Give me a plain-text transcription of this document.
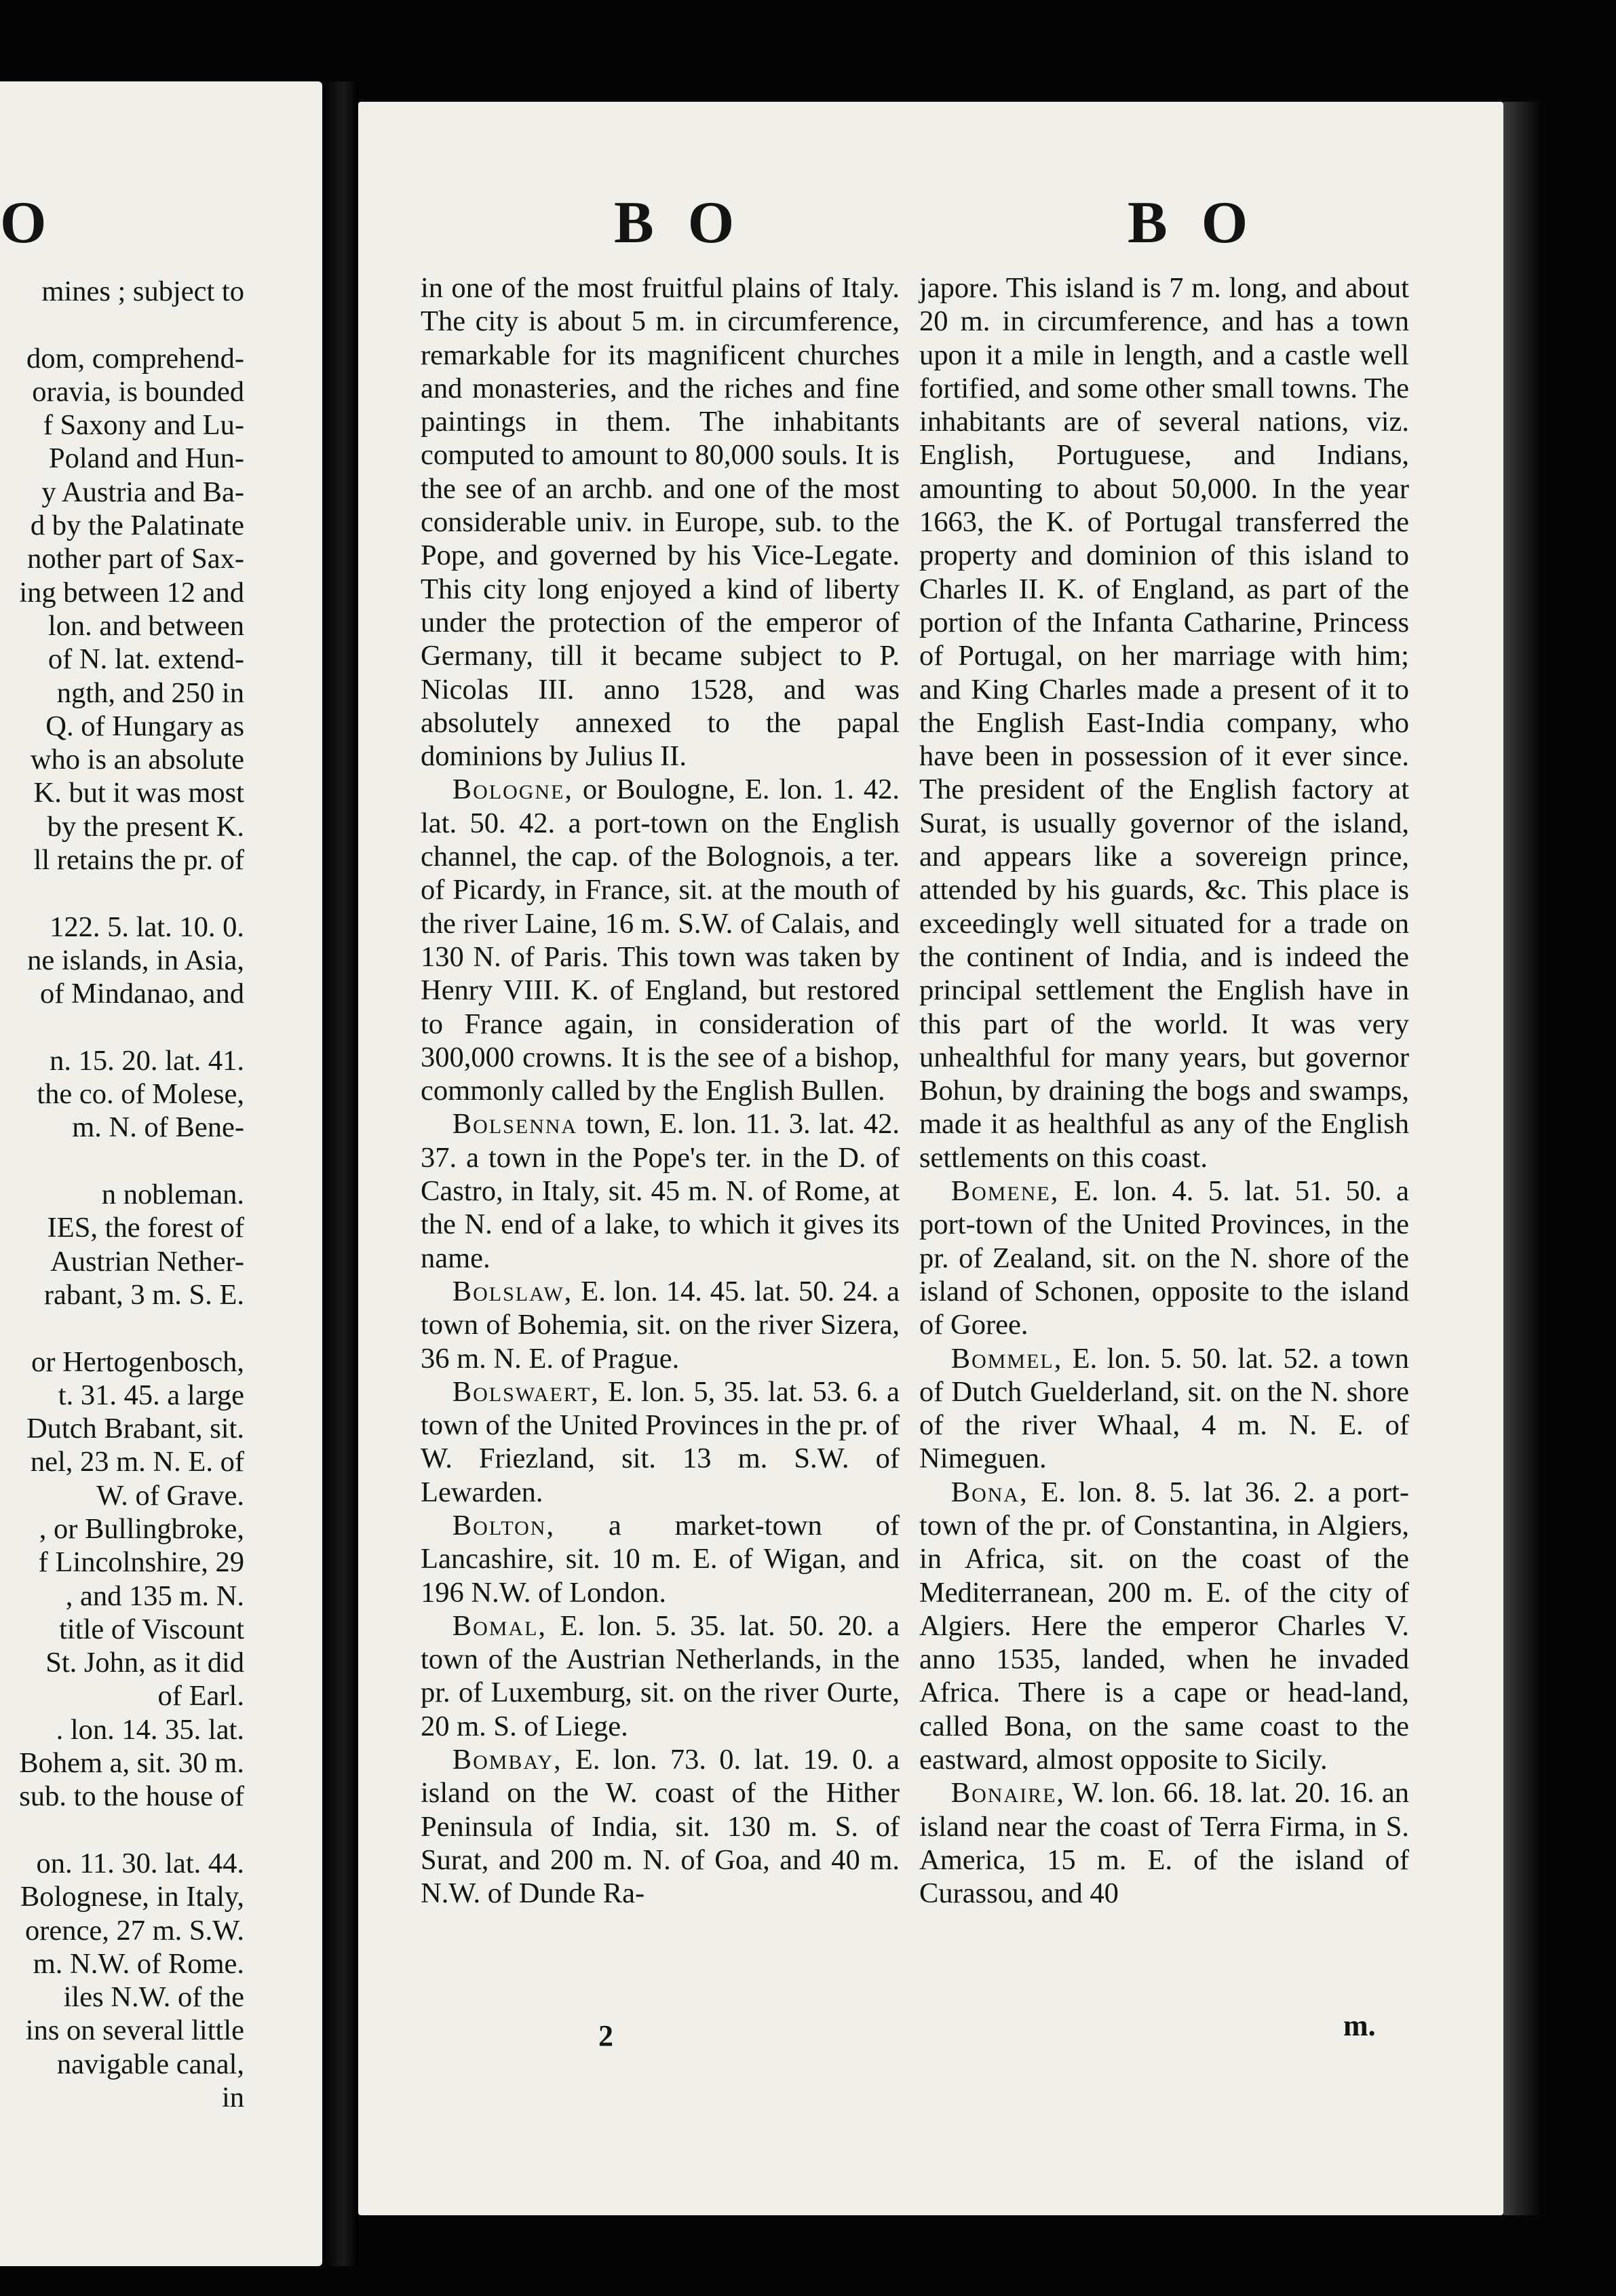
O

mines ; subject to

dom, comprehend-

oravia, is bounded

f Saxony and Lu-

Poland and Hun-

y Austria and Ba-

d by the Palatinate

nother part of Sax-

ing between 12 and

lon. and between

of N. lat. extend-

ngth, and 250 in

Q. of Hungary as

who is an absolute

K. but it was most

by the present K.

ll retains the pr. of

122. 5. lat. 10. 0.

ne islands, in Asia,

of Mindanao, and

n. 15. 20. lat. 41.

the co. of Molese,

m. N. of Bene-

n nobleman.

IES, the forest of

Austrian Nether-

rabant, 3 m. S. E.

or Hertogenbosch,

t. 31. 45. a large

Dutch Brabant, sit.

nel, 23 m. N. E. of

W. of Grave.

, or Bullingbroke,

f Lincolnshire, 29

, and 135 m. N.

title of Viscount

St. John, as it did

of Earl.

. lon. 14. 35. lat.

Bohem a, sit. 30 m.

sub. to the house of

on. 11. 30. lat. 44.

Bolognese, in Italy,

orence, 27 m. S.W.

m. N.W. of Rome.

iles N.W. of the

ins on several little

navigable canal,

in

B O	B O

in one of the most fruitful plains of Italy. The city is about 5 m. in circumference, remarkable for its magnificent churches and monasteries, and the riches and fine paintings in them. The inhabitants computed to amount to 80,000 souls. It is the see of an archb. and one of the most considerable univ. in Europe, sub. to the Pope, and governed by his Vice-Legate. This city long enjoyed a kind of liberty under the protection of the emperor of Germany, till it became subject to P. Nicolas III. anno 1528, and was absolutely annexed to the papal dominions by Julius II.

Bologne, or Boulogne, E. lon. 1. 42. lat. 50. 42. a port-town on the English channel, the cap. of the Bolognois, a ter. of Picardy, in France, sit. at the mouth of the river Laine, 16 m. S.W. of Calais, and 130 N. of Paris. This town was taken by Henry VIII. K. of England, but restored to France again, in consideration of 300,000 crowns. It is the see of a bishop, commonly called by the English Bullen.

Bolsenna town, E. lon. 11. 3. lat. 42. 37. a town in the Pope's ter. in the D. of Castro, in Italy, sit. 45 m. N. of Rome, at the N. end of a lake, to which it gives its name.

Bolslaw, E. lon. 14. 45. lat. 50. 24. a town of Bohemia, sit. on the river Sizera, 36 m. N. E. of Prague.

Bolswaert, E. lon. 5, 35. lat. 53. 6. a town of the United Provinces in the pr. of W. Friezland, sit. 13 m. S.W. of Lewarden.

Bolton, a market-town of Lancashire, sit. 10 m. E. of Wigan, and 196 N.W. of London.

Bomal, E. lon. 5. 35. lat. 50. 20. a town of the Austrian Netherlands, in the pr. of Luxemburg, sit. on the river Ourte, 20 m. S. of Liege.

Bombay, E. lon. 73. 0. lat. 19. 0. a island on the W. coast of the Hither Peninsula of India, sit. 130 m. S. of Surat, and 200 m. N. of Goa, and 40 m. N.W. of Dunde Ra-

japore. This island is 7 m. long, and about 20 m. in circumference, and has a town upon it a mile in length, and a castle well fortified, and some other small towns. The inhabitants are of several nations, viz. English, Portuguese, and Indians, amounting to about 50,000. In the year 1663, the K. of Portugal transferred the property and dominion of this island to Charles II. K. of England, as part of the portion of the Infanta Catharine, Princess of Portugal, on her marriage with him; and King Charles made a present of it to the English East-India company, who have been in possession of it ever since. The president of the English factory at Surat, is usually governor of the island, and appears like a sovereign prince, attended by his guards, &c. This place is exceedingly well situated for a trade on the continent of India, and is indeed the principal settlement the English have in this part of the world. It was very unhealthful for many years, but governor Bohun, by draining the bogs and swamps, made it as healthful as any of the English settlements on this coast.

Bomene, E. lon. 4. 5. lat. 51. 50. a port-town of the United Provinces, in the pr. of Zealand, sit. on the N. shore of the island of Schonen, opposite to the island of Goree.

Bommel, E. lon. 5. 50. lat. 52. a town of Dutch Guelderland, sit. on the N. shore of the river Whaal, 4 m. N. E. of Nimeguen.

Bona, E. lon. 8. 5. lat 36. 2. a port-town of the pr. of Constantina, in Algiers, in Africa, sit. on the coast of the Mediterranean, 200 m. E. of the city of Algiers. Here the emperor Charles V. anno 1535, landed, when he invaded Africa. There is a cape or head-land, called Bona, on the same coast to the eastward, almost opposite to Sicily.

Bonaire, W. lon. 66. 18. lat. 20. 16. an island near the coast of Terra Firma, in S. America, 15 m. E. of the island of Curassou, and 40

2	m.
